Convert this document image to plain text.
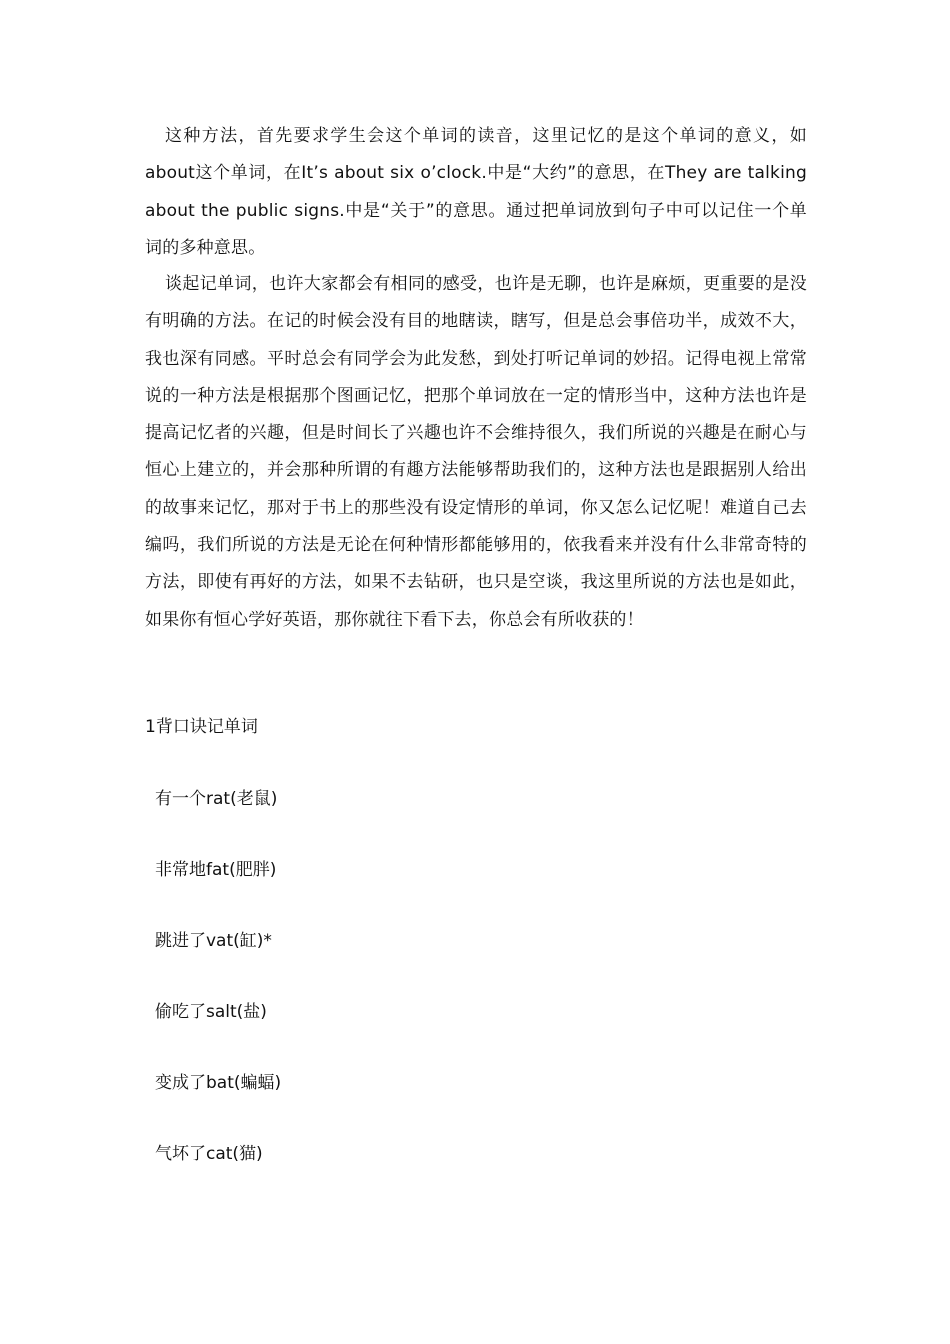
这种方法，首先要求学生会这个单词的读音，这里记忆的是这个单词的意义，如about这个单词，在It’s about six o’clock.中是“大约”的意思，在They are talking about the public signs.中是“关于”的意思。通过把单词放到句子中可以记住一个单词的多种意思。

谈起记单词，也许大家都会有相同的感受，也许是无聊，也许是麻烦，更重要的是没有明确的方法。在记的时候会没有目的地瞎读，瞎写，但是总会事倍功半，成效不大，我也深有同感。平时总会有同学会为此发愁，到处打听记单词的妙招。记得电视上常常说的一种方法是根据那个图画记忆，把那个单词放在一定的情形当中，这种方法也许是提高记忆者的兴趣，但是时间长了兴趣也许不会维持很久，我们所说的兴趣是在耐心与恒心上建立的，并会那种所谓的有趣方法能够帮助我们的，这种方法也是跟据别人给出的故事来记忆，那对于书上的那些没有设定情形的单词，你又怎么记忆呢！难道自己去编吗，我们所说的方法是无论在何种情形都能够用的，依我看来并没有什么非常奇特的方法，即使有再好的方法，如果不去钻研，也只是空谈，我这里所说的方法也是如此，如果你有恒心学好英语，那你就往下看下去，你总会有所收获的！

1背口诀记单词

有一个rat(老鼠)

非常地fat(肥胖)

跳进了vat(缸)*

偷吃了salt(盐)

变成了bat(蝙蝠)

气坏了cat(猫)
